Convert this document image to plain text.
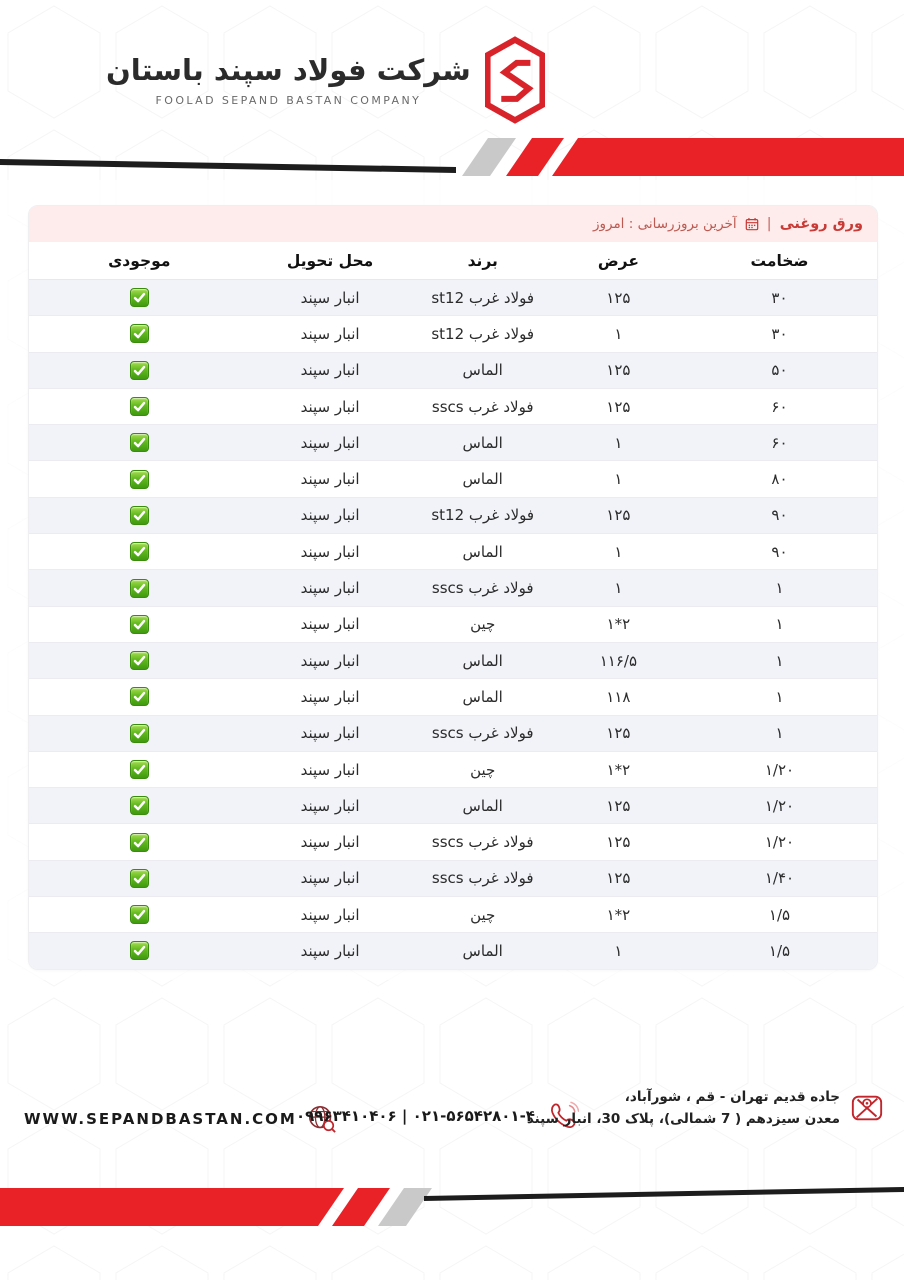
شرکت فولاد سپند باستان
FOOLAD SEPAND BASTAN COMPANY
ورق روغنی
|
آخرین بروزرسانی : امروز
ضخامت
عرض
برند
محل تحویل
موجودی
۳۰
۱۲۵
فولاد غرب st12
انبار سپند
۳۰
۱
فولاد غرب st12
انبار سپند
۵۰
۱۲۵
الماس
انبار سپند
۶۰
۱۲۵
فولاد غرب sscs
انبار سپند
۶۰
۱
الماس
انبار سپند
۸۰
۱
الماس
انبار سپند
۹۰
۱۲۵
فولاد غرب st12
انبار سپند
۹۰
۱
الماس
انبار سپند
۱
۱
فولاد غرب sscs
انبار سپند
۱
۱*۲
چین
انبار سپند
۱
۱۱۶/۵
الماس
انبار سپند
۱
۱۱۸
الماس
انبار سپند
۱
۱۲۵
فولاد غرب sscs
انبار سپند
۱/۲۰
۱*۲
چین
انبار سپند
۱/۲۰
۱۲۵
الماس
انبار سپند
۱/۲۰
۱۲۵
فولاد غرب sscs
انبار سپند
۱/۴۰
۱۲۵
فولاد غرب sscs
انبار سپند
۱/۵
۱*۲
چین
انبار سپند
۱/۵
۱
الماس
انبار سپند
WWW.SEPANDBASTAN.COM ۰۹۹۶۳۴۱۰۴۰۶ | ۰۲۱-۵۶۵۴۲۸۰۱-۴
جاده قدیم تهران - قم ، شورآباد،
معدن سیزدهم ( 7 شمالی)، پلاک 30، انبار سپند
